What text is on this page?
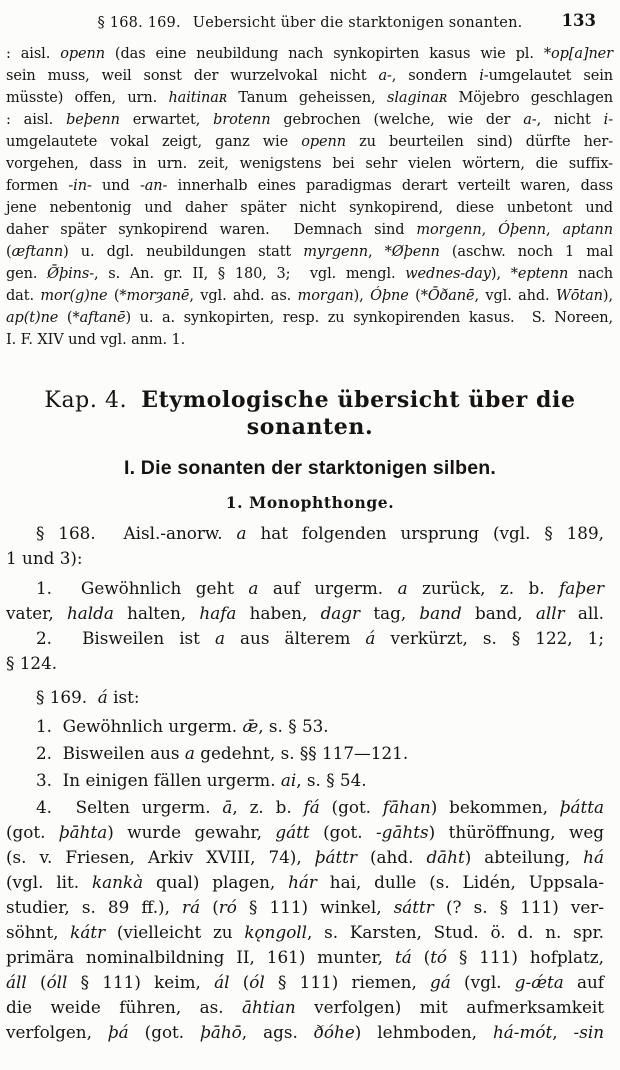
§ 168. 169. Uebersicht über die starktonigen sonanten.	133
: aisl. openn (das eine neubildung nach synkopirten kasus wie pl. *op[a]ner
sein muss, weil sonst der wurzelvokal nicht a-, sondern i-umgelautet sein
müsste) offen, urn. haitinaʀ Tanum geheissen, slaginaʀ Möjebro geschlagen
: aisl. beþenn erwartet, brotenn gebrochen (welche, wie der a-, nicht i-
umgelautete vokal zeigt, ganz wie openn zu beurteilen sind) dürfte her-
vorgehen, dass in urn. zeit, wenigstens bei sehr vielen wörtern, die suffix-
formen -in- und -an- innerhalb eines paradigmas derart verteilt waren, dass
jene nebentonig und daher später nicht synkopirend, diese unbetont und
daher später synkopirend waren.  Demnach sind morgenn, Óþenn, aptann
(æftann) u. dgl. neubildungen statt myrgenn, *Øþenn (aschw. noch 1 mal
gen. Ø̄þins-, s. An. gr. II, § 180, 3;  vgl. mengl. wednes-day), *eptenn nach
dat. mor(g)ne (*morȝanē, vgl. ahd. as. morgan), Óþne (*Ōðanē, vgl. ahd. Wōtan),
ap(t)ne (*aftanē) u. a. synkopirten, resp. zu synkopirenden kasus.  S. Noreen,
I. F. XIV und vgl. anm. 1.
Kap. 4. Etymologische übersicht über die
sonanten.
I. Die sonanten der starktonigen silben.
1. Monophthonge.
§ 168.  Aisl.-anorw. a hat folgenden ursprung (vgl. § 189,
1 und 3):
1.  Gewöhnlich geht a auf urgerm. a zurück, z. b. faþer
vater, halda halten, hafa haben, dagr tag, band band, allr all.
2.  Bisweilen ist a aus älterem á verkürzt, s. § 122, 1;
§ 124.
§ 169.  á ist:
1.  Gewöhnlich urgerm. ǣ, s. § 53.
2.  Bisweilen aus a gedehnt, s. §§ 117—121.
3.  In einigen fällen urgerm. ai, s. § 54.
4.  Selten urgerm. ā, z. b. fá (got. fāhan) bekommen, þátta
(got. þāhta) wurde gewahr, gátt (got. -gāhts) thüröffnung, weg
(s. v. Friesen, Arkiv XVIII, 74), þáttr (ahd. dāht) abteilung, há
(vgl. lit. kankà qual) plagen, hár hai, dulle (s. Lidén, Uppsala-
studier, s. 89 ff.), rá (ró § 111) winkel, sáttr (? s. § 111) ver-
söhnt, kátr (vielleicht zu kǫngoll, s. Karsten, Stud. ö. d. n. spr.
primära nominalbildning II, 161) munter, tá (tó § 111) hofplatz,
áll (óll § 111) keim, ál (ól § 111) riemen, gá (vgl. g-ǽta auf
die weide führen, as. āhtian verfolgen) mit aufmerksamkeit
verfolgen, þá (got. þāhō, ags. ðóhe) lehmboden, há-mót, -sin
